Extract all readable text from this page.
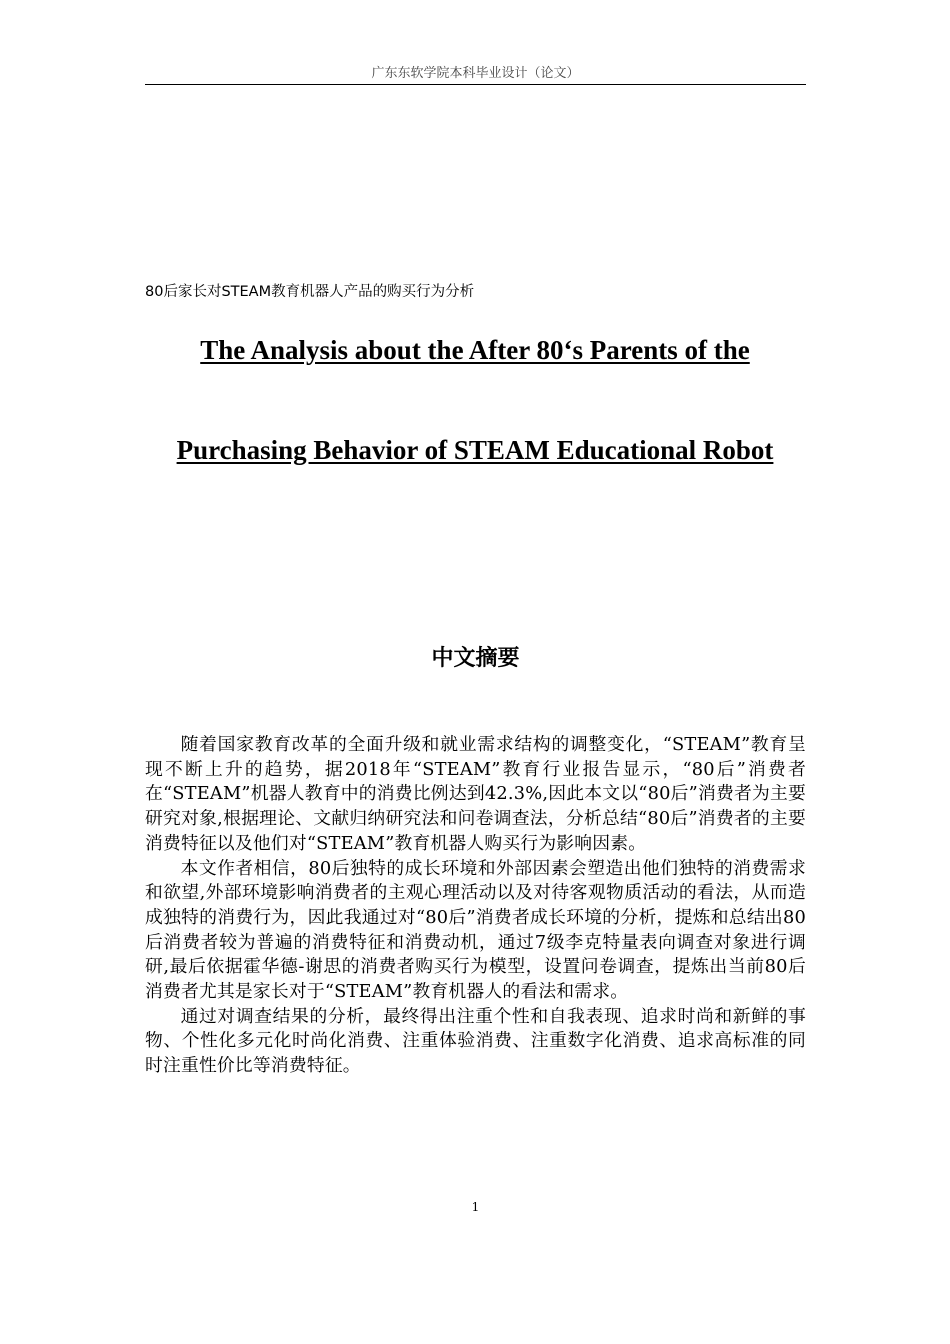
广东东软学院本科毕业设计（论文）
80后家长对STEAM教育机器人产品的购买行为分析
The Analysis about the After 80‘s Parents of the
Purchasing Behavior of STEAM Educational Robot
中文摘要

随着国家教育改革的全面升级和就业需求结构的调整变化，“STEAM”教育呈现不断上升的趋势，据2018年“STEAM”教育行业报告显示，“80后”消费者在“STEAM”机器人教育中的消费比例达到42.3%,因此本文以“80后”消费者为主要研究对象,根据理论、文献归纳研究法和问卷调查法，分析总结“80后”消费者的主要消费特征以及他们对“STEAM”教育机器人购买行为影响因素。

本文作者相信，80后独特的成长环境和外部因素会塑造出他们独特的消费需求和欲望,外部环境影响消费者的主观心理活动以及对待客观物质活动的看法，从而造成独特的消费行为，因此我通过对“80后”消费者成长环境的分析，提炼和总结出80后消费者较为普遍的消费特征和消费动机，通过7级李克特量表向调查对象进行调研,最后依据霍华德-谢思的消费者购买行为模型，设置问卷调查，提炼出当前80后消费者尤其是家长对于“STEAM”教育机器人的看法和需求。

通过对调查结果的分析，最终得出注重个性和自我表现、追求时尚和新鲜的事物、个性化多元化时尚化消费、注重体验消费、注重数字化消费、追求高标准的同时注重性价比等消费特征。

1
